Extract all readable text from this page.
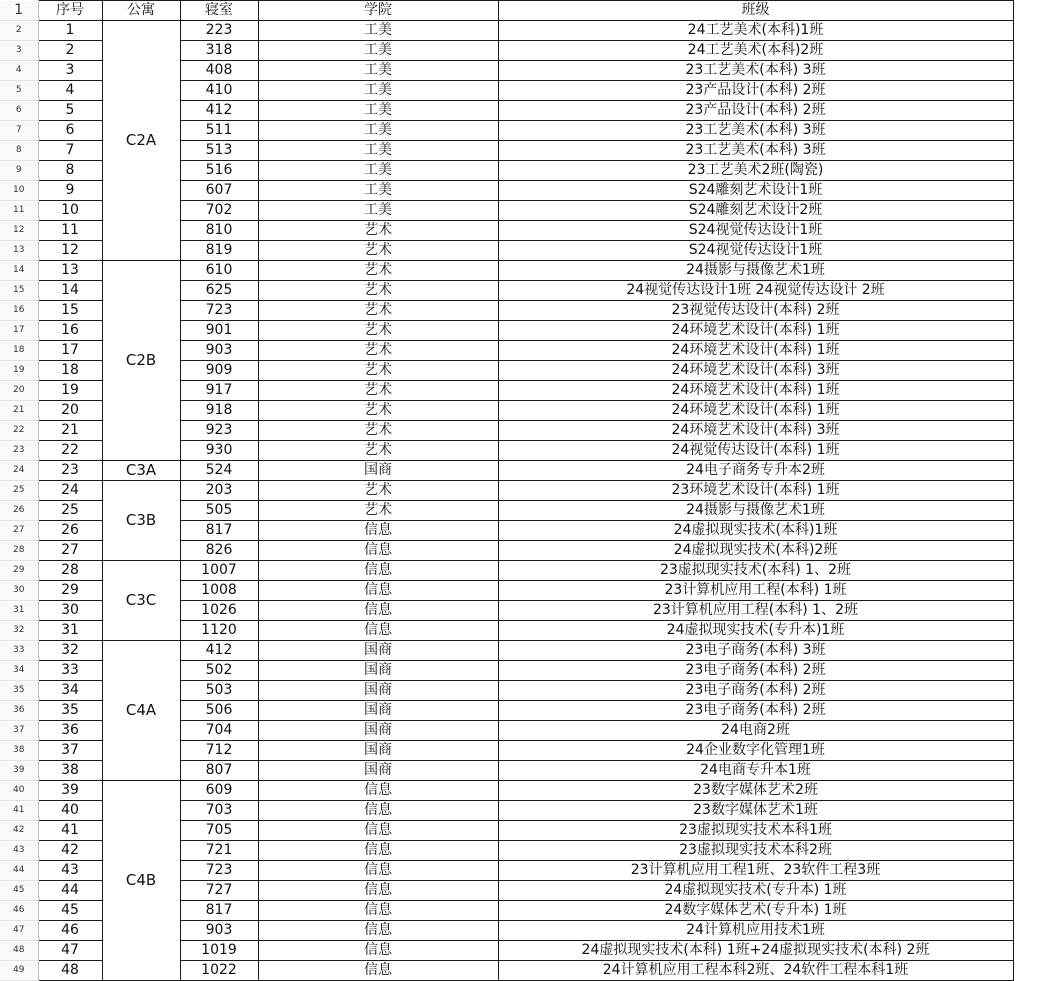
1	序号	公寓	寝室	学院	班级
2	1	C2A	223	工美	24工艺美术(本科)1班
3	2		318	工美	24工艺美术(本科)2班
4	3		408	工美	23工艺美术(本科) 3班
5	4		410	工美	23产品设计(本科) 2班
6	5		412	工美	23产品设计(本科) 2班
7	6		511	工美	23工艺美术(本科) 3班
8	7		513	工美	23工艺美术(本科) 3班
9	8		516	工美	23工艺美术2班(陶瓷)
10	9		607	工美	S24雕刻艺术设计1班
11	10		702	工美	S24雕刻艺术设计2班
12	11		810	艺术	S24视觉传达设计1班
13	12		819	艺术	S24视觉传达设计1班
14	13	C2B	610	艺术	24摄影与摄像艺术1班
15	14		625	艺术	24视觉传达设计1班 24视觉传达设计 2班
16	15		723	艺术	23视觉传达设计(本科) 2班
17	16		901	艺术	24环境艺术设计(本科) 1班
18	17		903	艺术	24环境艺术设计(本科) 1班
19	18		909	艺术	24环境艺术设计(本科) 3班
20	19		917	艺术	24环境艺术设计(本科) 1班
21	20		918	艺术	24环境艺术设计(本科) 1班
22	21		923	艺术	24环境艺术设计(本科) 3班
23	22		930	艺术	24视觉传达设计(本科) 1班
24	23	C3A	524	国商	24电子商务专升本2班
25	24	C3B	203	艺术	23环境艺术设计(本科) 1班
26	25		505	艺术	24摄影与摄像艺术1班
27	26		817	信息	24虚拟现实技术(本科)1班
28	27		826	信息	24虚拟现实技术(本科)2班
29	28	C3C	1007	信息	23虚拟现实技术(本科) 1、2班
30	29		1008	信息	23计算机应用工程(本科) 1班
31	30		1026	信息	23计算机应用工程(本科) 1、2班
32	31		1120	信息	24虚拟现实技术(专升本)1班
33	32	C4A	412	国商	23电子商务(本科) 3班
34	33		502	国商	23电子商务(本科) 2班
35	34		503	国商	23电子商务(本科) 2班
36	35		506	国商	23电子商务(本科) 2班
37	36		704	国商	24电商2班
38	37		712	国商	24企业数字化管理1班
39	38		807	国商	24电商专升本1班
40	39	C4B	609	信息	23数字媒体艺术2班
41	40		703	信息	23数字媒体艺术1班
42	41		705	信息	23虚拟现实技术本科1班
43	42		721	信息	23虚拟现实技术本科2班
44	43		723	信息	23计算机应用工程1班、23软件工程3班
45	44		727	信息	24虚拟现实技术(专升本) 1班
46	45		817	信息	24数字媒体艺术(专升本) 1班
47	46		903	信息	24计算机应用技术1班
48	47		1019	信息	24虚拟现实技术(本科) 1班+24虚拟现实技术(本科) 2班
49	48		1022	信息	24计算机应用工程本科2班、24软件工程本科1班
